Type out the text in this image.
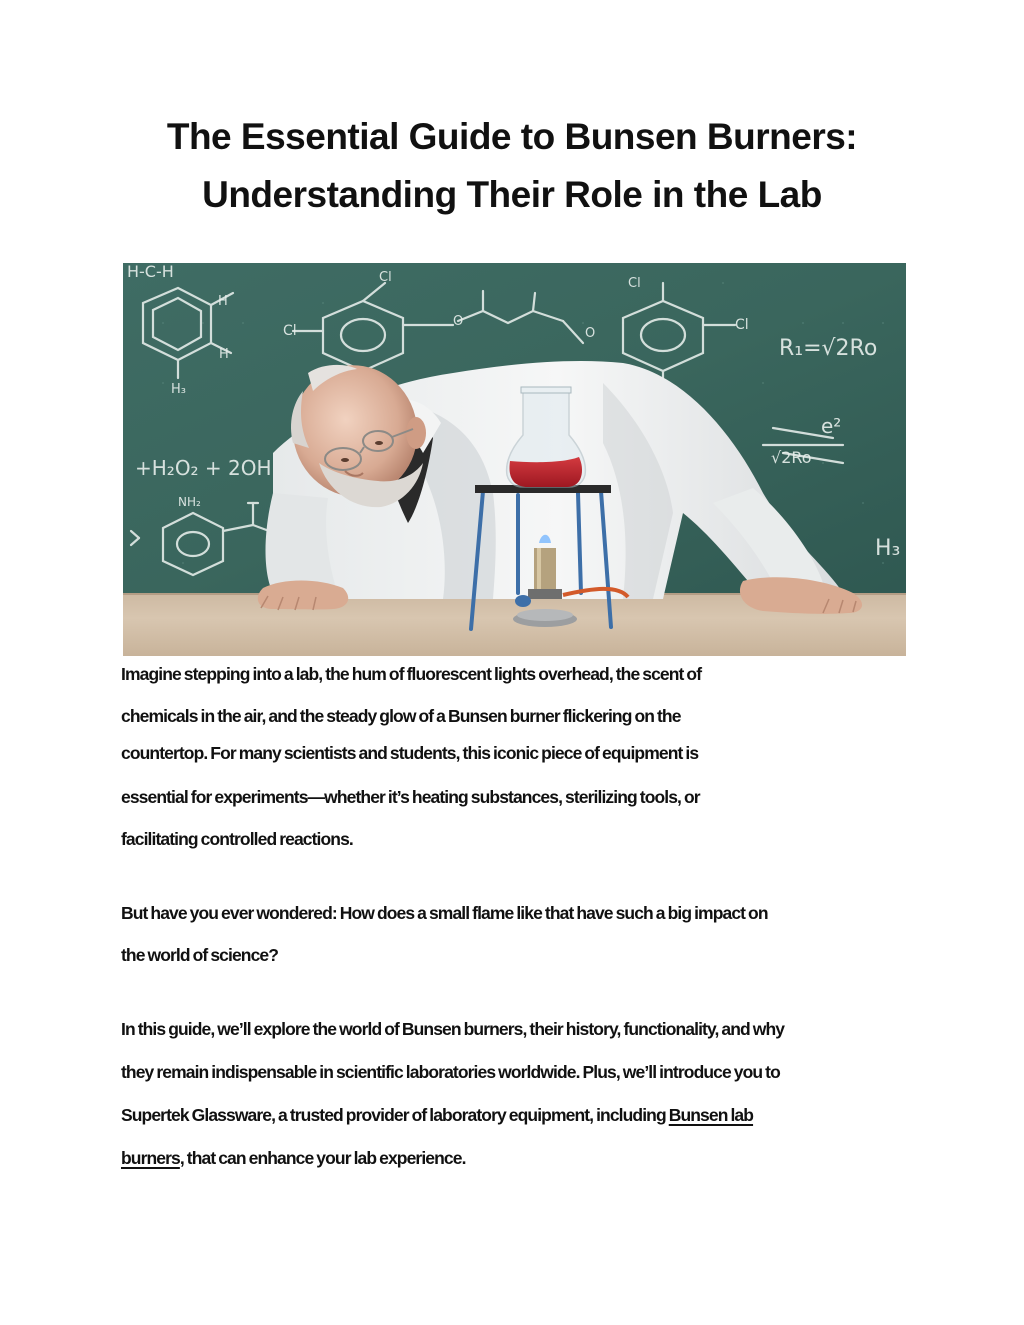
The Essential Guide to Bunsen Burners:
Understanding Their Role in the Lab
H-C-H
H
H
H₃
Cl
Cl	Cl
Cl
O
O
R₁=√2Ro
e²
√2Ro
+H₂O₂ + 2ОН
NH₂
H₃
Imagine stepping into a lab, the hum of fluorescent lights overhead, the scent of
chemicals in the air, and the steady glow of a Bunsen burner flickering on the
countertop. For many scientists and students, this iconic piece of equipment is
essential for experiments—whether it’s heating substances, sterilizing tools, or
facilitating controlled reactions.
But have you ever wondered: How does a small flame like that have such a big impact on
the world of science?
In this guide, we’ll explore the world of Bunsen burners, their history, functionality, and why
they remain indispensable in scientific laboratories worldwide. Plus, we’ll introduce you to
Supertek Glassware, a trusted provider of laboratory equipment, including Bunsen lab
burners, that can enhance your lab experience.
